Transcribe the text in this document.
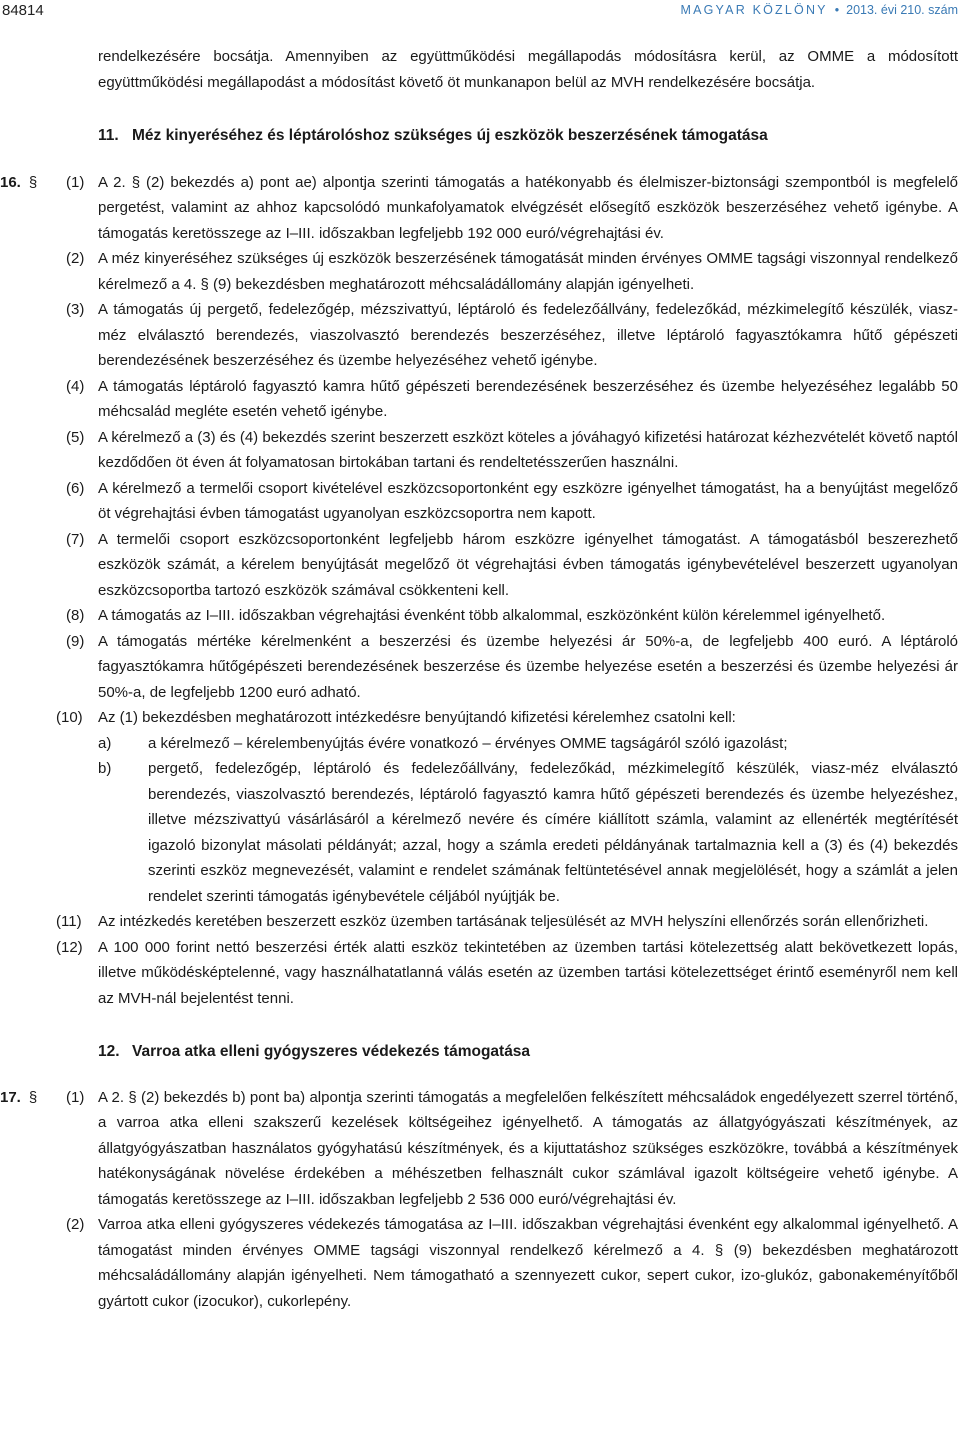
84814	MAGYAR KÖZLÖNY • 2013. évi 210. szám

rendelkezésére bocsátja. Amennyiben az együttműködési megállapodás módosításra kerül, az OMME a módosított együttműködési megállapodást a módosítást követő öt munkanapon belül az MVH rendelkezésére bocsátja.

11. Méz kinyeréséhez és léptárolóshoz szükséges új eszközök beszerzésének támogatása

16. §	(1) A 2. § (2) bekezdés a) pont ae) alpontja szerinti támogatás a hatékonyabb és élelmiszer-biztonsági szempontból is megfelelő pergetést, valamint az ahhoz kapcsolódó munkafolyamatok elvégzését elősegítő eszközök beszerzéséhez vehető igénybe. A támogatás keretösszege az I–III. időszakban legfeljebb 192 000 euró/végrehajtási év.
(2) A méz kinyeréséhez szükséges új eszközök beszerzésének támogatását minden érvényes OMME tagsági viszonnyal rendelkező kérelmező a 4. § (9) bekezdésben meghatározott méhcsaládállomány alapján igényelheti.
(3) A támogatás új pergető, fedelezőgép, mézszivattyú, léptároló és fedelezőállvány, fedelezőkád, mézkimelegítő készülék, viasz-méz elválasztó berendezés, viaszolvasztó berendezés beszerzéséhez, illetve léptároló fagyasztókamra hűtő gépészeti berendezésének beszerzéséhez és üzembe helyezéséhez vehető igénybe.
(4) A támogatás léptároló fagyasztó kamra hűtő gépészeti berendezésének beszerzéséhez és üzembe helyezéséhez legalább 50 méhcsalád megléte esetén vehető igénybe.
(5) A kérelmező a (3) és (4) bekezdés szerint beszerzett eszközt köteles a jóváhagyó kifizetési határozat kézhezvételét követő naptól kezdődően öt éven át folyamatosan birtokában tartani és rendeltetésszerűen használni.
(6) A kérelmező a termelői csoport kivételével eszközcsoportonként egy eszközre igényelhet támogatást, ha a benyújtást megelőző öt végrehajtási évben támogatást ugyanolyan eszközcsoportra nem kapott.
(7) A termelői csoport eszközcsoportonként legfeljebb három eszközre igényelhet támogatást. A támogatásból beszerezhető eszközök számát, a kérelem benyújtását megelőző öt végrehajtási évben támogatás igénybevételével beszerzett ugyanolyan eszközcsoportba tartozó eszközök számával csökkenteni kell.
(8) A támogatás az I–III. időszakban végrehajtási évenként több alkalommal, eszközönként külön kérelemmel igényelhető.
(9) A támogatás mértéke kérelmenként a beszerzési és üzembe helyezési ár 50%-a, de legfeljebb 400 euró. A léptároló fagyasztókamra hűtőgépészeti berendezésének beszerzése és üzembe helyezése esetén a beszerzési és üzembe helyezési ár 50%-a, de legfeljebb 1200 euró adható.
(10)	Az (1) bekezdésben meghatározott intézkedésre benyújtandó kifizetési kérelemhez csatolni kell:
a) a kérelmező – kérelembenyújtás évére vonatkozó – érvényes OMME tagságáról szóló igazolást;
b) pergető, fedelezőgép, léptároló és fedelezőállvány, fedelezőkád, mézkimelegítő készülék, viasz-méz elválasztó berendezés, viaszolvasztó berendezés, léptároló fagyasztó kamra hűtő gépészeti berendezés és üzembe helyezéshez, illetve mézszivattyú vásárlásáról a kérelmező nevére és címére kiállított számla, valamint az ellenérték megtérítését igazoló bizonylat másolati példányát; azzal, hogy a számla eredeti példányának tartalmaznia kell a (3) és (4) bekezdés szerinti eszköz megnevezését, valamint e rendelet számának feltüntetésével annak megjelölését, hogy a számlát a jelen rendelet szerinti támogatás igénybevétele céljából nyújtják be.
(11)	Az intézkedés keretében beszerzett eszköz üzemben tartásának teljesülését az MVH helyszíni ellenőrzés során ellenőrizheti.
(12)	A 100 000 forint nettó beszerzési érték alatti eszköz tekintetében az üzemben tartási kötelezettség alatt bekövetkezett lopás, illetve működésképtelenné, vagy használhatatlanná válás esetén az üzemben tartási kötelezettséget érintő eseményről nem kell az MVH-nál bejelentést tenni.

12. Varroa atka elleni gyógyszeres védekezés támogatása

17. §	(1) A 2. § (2) bekezdés b) pont ba) alpontja szerinti támogatás a megfelelően felkészített méhcsaládok engedélyezett szerrel történő, a varroa atka elleni szakszerű kezelések költségeihez igényelhető. A támogatás az állatgyógyászati készítmények, az állatgyógyászatban használatos gyógyhatású készítmények, és a kijuttatáshoz szükséges eszközökre, továbbá a készítmények hatékonyságának növelése érdekében a méhészetben felhasznált cukor számlával igazolt költségeire vehető igénybe. A támogatás keretösszege az I–III. időszakban legfeljebb 2 536 000 euró/végrehajtási év.
(2) Varroa atka elleni gyógyszeres védekezés támogatása az I–III. időszakban végrehajtási évenként egy alkalommal igényelhető. A támogatást minden érvényes OMME tagsági viszonnyal rendelkező kérelmező a 4. § (9) bekezdésben meghatározott méhcsaládállomány alapján igényelheti. Nem támogatható a szennyezett cukor, sepert cukor, izo-glukóz, gabonakeményítőből gyártott cukor (izocukor), cukorlepény.
